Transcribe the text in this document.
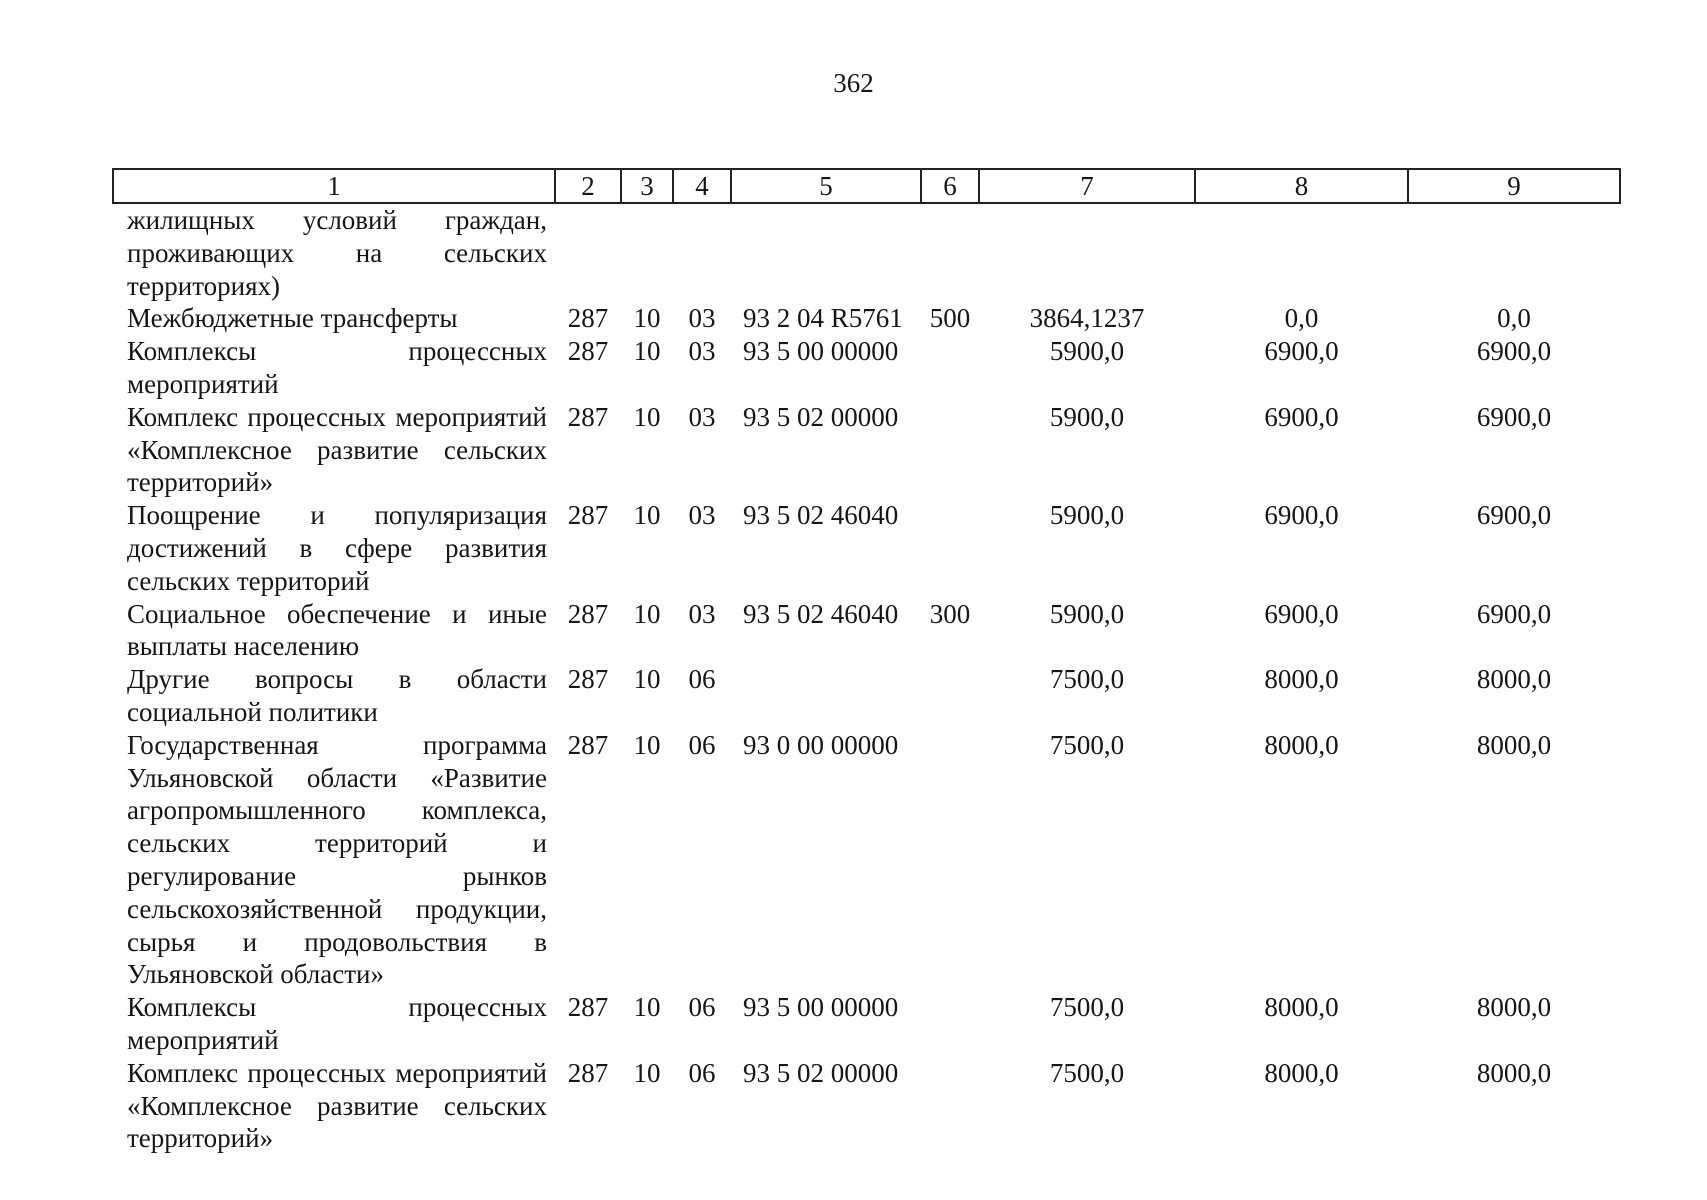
362
1	2	3	4	5	6	7	8	9
жилищных условий граждан, проживающих на сельских территориях)								
Межбюджетные трансферты	287	10	03	93 2 04 R5761	500	3864,1237	0,0	0,0
Комплексы процессных мероприятий	287	10	03	93 5 00 00000		5900,0	6900,0	6900,0
Комплекс процессных мероприятий «Комплексное развитие сельских территорий»	287	10	03	93 5 02 00000		5900,0	6900,0	6900,0
Поощрение и популяризация достижений в сфере развития сельских территорий	287	10	03	93 5 02 46040		5900,0	6900,0	6900,0
Социальное обеспечение и иные выплаты населению	287	10	03	93 5 02 46040	300	5900,0	6900,0	6900,0
Другие вопросы в области социальной политики	287	10	06			7500,0	8000,0	8000,0
Государственная программа Ульяновской области «Развитие агропромышленного комплекса, сельских территорий и регулирование рынков сельскохозяйственной продукции, сырья и продовольствия в Ульяновской области»	287	10	06	93 0 00 00000		7500,0	8000,0	8000,0
Комплексы процессных мероприятий	287	10	06	93 5 00 00000		7500,0	8000,0	8000,0
Комплекс процессных мероприятий «Комплексное развитие сельских территорий»	287	10	06	93 5 02 00000		7500,0	8000,0	8000,0
